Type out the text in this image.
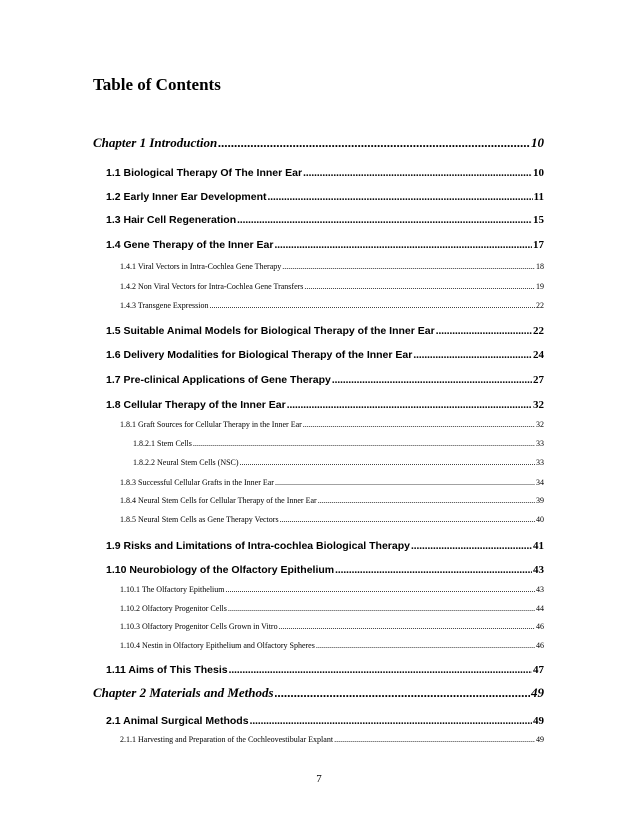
Table of Contents
Chapter 1 Introduction .....	10
1.1 Biological Therapy Of The Inner Ear .....	10
1.2 Early Inner Ear Development .....	11
1.3 Hair Cell Regeneration .....	15
1.4 Gene Therapy of the Inner Ear .....	17
1.4.1 Viral Vectors in Intra-Cochlea Gene Therapy .....	18
1.4.2 Non Viral Vectors for Intra-Cochlea Gene Transfers .....	19
1.4.3 Transgene Expression .....	22
1.5 Suitable Animal Models for Biological Therapy of the Inner Ear .....	22
1.6 Delivery Modalities for Biological Therapy of the Inner Ear .....	24
1.7 Pre-clinical Applications of Gene Therapy .....	27
1.8 Cellular Therapy of the Inner Ear .....	32
1.8.1 Graft Sources for Cellular Therapy in the Inner Ear .....	32
1.8.2.1 Stem Cells .....	33
1.8.2.2 Neural Stem Cells (NSC) .....	33
1.8.3 Successful Cellular Grafts in the Inner Ear .....	34
1.8.4 Neural Stem Cells for Cellular Therapy of the Inner Ear .....	39
1.8.5 Neural Stem Cells as Gene Therapy Vectors .....	40
1.9 Risks and Limitations of Intra-cochlea Biological Therapy .....	41
1.10 Neurobiology of the Olfactory Epithelium .....	43
1.10.1 The Olfactory Epithelium .....	43
1.10.2 Olfactory Progenitor Cells .....	44
1.10.3 Olfactory Progenitor Cells Grown in Vitro .....	46
1.10.4 Nestin in Olfactory Epithelium and Olfactory Spheres .....	46
1.11 Aims of This Thesis .....	47
Chapter 2 Materials and Methods .....	49
2.1 Animal Surgical Methods .....	49
2.1.1 Harvesting and Preparation of the Cochleovestibular Explant .....	49
7
